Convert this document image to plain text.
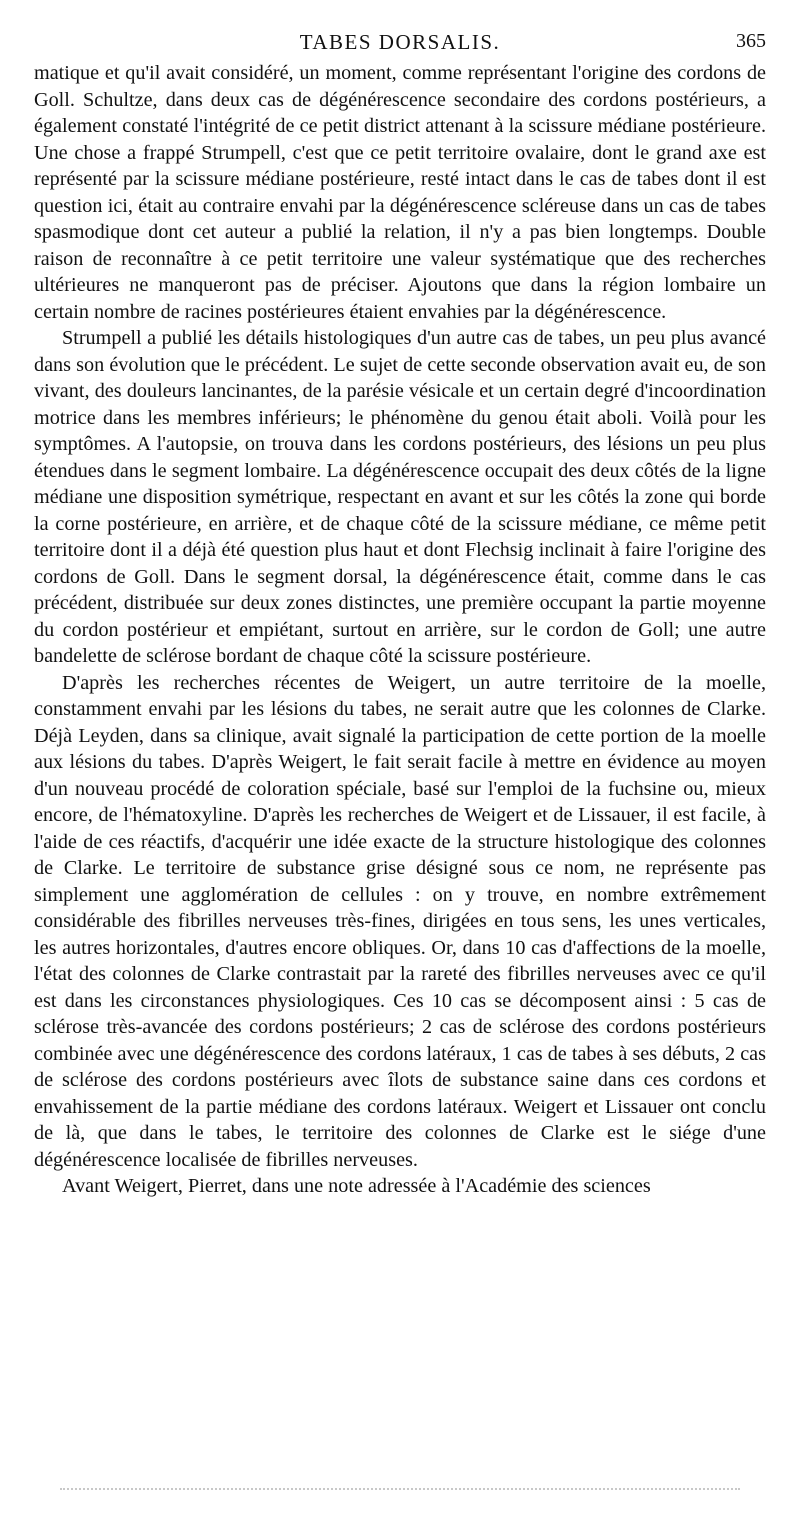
TABES DORSALIS.	365

matique et qu'il avait considéré, un moment, comme représentant l'origine des cordons de Goll. Schultze, dans deux cas de dégénérescence secondaire des cordons postérieurs, a également constaté l'intégrité de ce petit district attenant à la scissure médiane postérieure. Une chose a frappé Strumpell, c'est que ce petit territoire ovalaire, dont le grand axe est représenté par la scissure médiane postérieure, resté intact dans le cas de tabes dont il est question ici, était au contraire envahi par la dégénérescence scléreuse dans un cas de tabes spasmodique dont cet auteur a publié la relation, il n'y a pas bien longtemps. Double raison de reconnaître à ce petit territoire une valeur systématique que des recherches ultérieures ne manqueront pas de préciser. Ajoutons que dans la région lombaire un certain nombre de racines postérieures étaient envahies par la dégénérescence.

Strumpell a publié les détails histologiques d'un autre cas de tabes, un peu plus avancé dans son évolution que le précédent. Le sujet de cette seconde observation avait eu, de son vivant, des douleurs lancinantes, de la parésie vésicale et un certain degré d'incoordination motrice dans les membres inférieurs; le phénomène du genou était aboli. Voilà pour les symptômes. A l'autopsie, on trouva dans les cordons postérieurs, des lésions un peu plus étendues dans le segment lombaire. La dégénérescence occupait des deux côtés de la ligne médiane une disposition symétrique, respectant en avant et sur les côtés la zone qui borde la corne postérieure, en arrière, et de chaque côté de la scissure médiane, ce même petit territoire dont il a déjà été question plus haut et dont Flechsig inclinait à faire l'origine des cordons de Goll. Dans le segment dorsal, la dégénérescence était, comme dans le cas précédent, distribuée sur deux zones distinctes, une première occupant la partie moyenne du cordon postérieur et empiétant, surtout en arrière, sur le cordon de Goll; une autre bandelette de sclérose bordant de chaque côté la scissure postérieure.

D'après les recherches récentes de Weigert, un autre territoire de la moelle, constamment envahi par les lésions du tabes, ne serait autre que les colonnes de Clarke. Déjà Leyden, dans sa clinique, avait signalé la participation de cette portion de la moelle aux lésions du tabes. D'après Weigert, le fait serait facile à mettre en évidence au moyen d'un nouveau procédé de coloration spéciale, basé sur l'emploi de la fuchsine ou, mieux encore, de l'hématoxyline. D'après les recherches de Weigert et de Lissauer, il est facile, à l'aide de ces réactifs, d'acquérir une idée exacte de la structure histologique des colonnes de Clarke. Le territoire de substance grise désigné sous ce nom, ne représente pas simplement une agglomération de cellules : on y trouve, en nombre extrêmement considérable des fibrilles nerveuses très-fines, dirigées en tous sens, les unes verticales, les autres horizontales, d'autres encore obliques. Or, dans 10 cas d'affections de la moelle, l'état des colonnes de Clarke contrastait par la rareté des fibrilles nerveuses avec ce qu'il est dans les circonstances physiologiques. Ces 10 cas se décomposent ainsi : 5 cas de sclérose très-avancée des cordons postérieurs; 2 cas de sclérose des cordons postérieurs combinée avec une dégénérescence des cordons latéraux, 1 cas de tabes à ses débuts, 2 cas de sclérose des cordons postérieurs avec îlots de substance saine dans ces cordons et envahissement de la partie médiane des cordons latéraux. Weigert et Lissauer ont conclu de là, que dans le tabes, le territoire des colonnes de Clarke est le siége d'une dégénérescence localisée de fibrilles nerveuses.

Avant Weigert, Pierret, dans une note adressée à l'Académie des sciences
